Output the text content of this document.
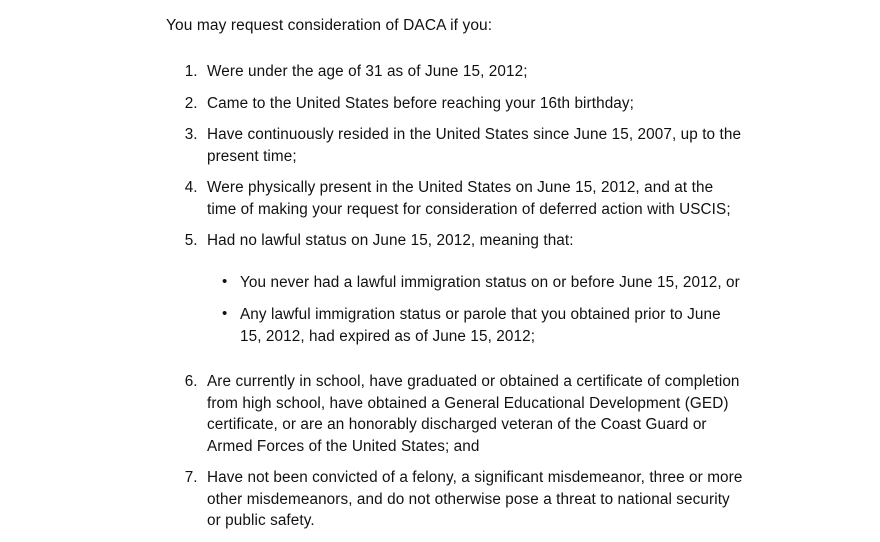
You may request consideration of DACA if you:

1. Were under the age of 31 as of June 15, 2012;
2. Came to the United States before reaching your 16th birthday;
3. Have continuously resided in the United States since June 15, 2007, up to the present time;
4. Were physically present in the United States on June 15, 2012, and at the time of making your request for consideration of deferred action with USCIS;
5. Had no lawful status on June 15, 2012, meaning that:
• You never had a lawful immigration status on or before June 15, 2012, or
• Any lawful immigration status or parole that you obtained prior to June 15, 2012, had expired as of June 15, 2012;
6. Are currently in school, have graduated or obtained a certificate of completion from high school, have obtained a General Educational Development (GED) certificate, or are an honorably discharged veteran of the Coast Guard or Armed Forces of the United States; and
7. Have not been convicted of a felony, a significant misdemeanor, three or more other misdemeanors, and do not otherwise pose a threat to national security or public safety.
